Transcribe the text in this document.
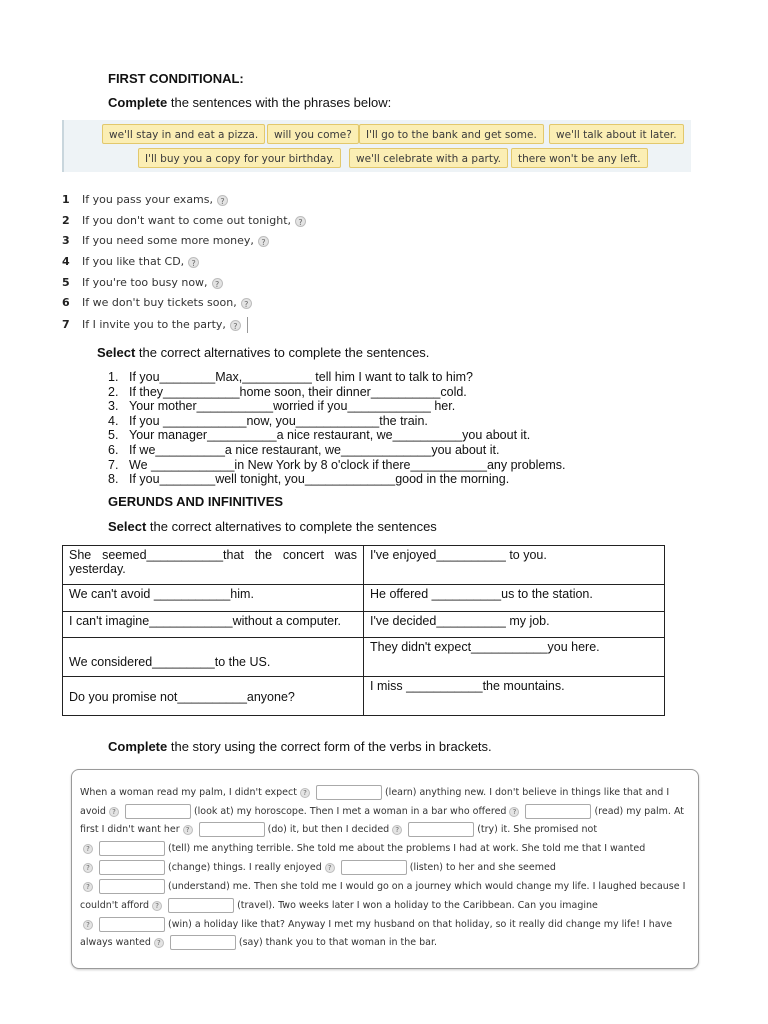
FIRST CONDITIONAL:
Complete the sentences with the phrases below:
we'll stay in and eat a pizza.	will you come?	I'll go to the bank and get some.	we'll talk about it later.
I'll buy you a copy for your birthday.	we'll celebrate with a party.	there won't be any left.
1 If you pass your exams, ?
2 If you don't want to come out tonight, ?
3 If you need some more money, ?
4 If you like that CD, ?
5 If you're too busy now, ?
6 If we don't buy tickets soon, ?
7 If I invite you to the party, ?
Select the correct alternatives to complete the sentences.
1. If you________Max,__________ tell him I want to talk to him?
2. If they___________home soon, their dinner__________cold.
3. Your mother___________worried if you____________ her.
4. If you ____________now, you____________the train.
5. Your manager__________a nice restaurant, we__________you about it.
6. If we__________a nice restaurant, we_____________you about it.
7. We ____________in New York by 8 o'clock if there___________any problems.
8. If you________well tonight, you_____________good in the morning.
GERUNDS AND INFINITIVES
Select the correct alternatives to complete the sentences
She seemed___________that the concert was yesterday.	I've enjoyed__________ to you.
We can't avoid ___________him.	He offered __________us to the station.
I can't imagine____________without a computer.	I've decided__________ my job.
We considered_________to the US.	They didn't expect___________you here.
Do you promise not__________anyone?	I miss ___________the mountains.
Complete the story using the correct form of the verbs in brackets.
When a woman read my palm, I didn't expect ?	(learn) anything new. I don't believe in things like that and I
avoid ?	(look at) my horoscope. Then I met a woman in a bar who offered ?	(read) my palm. At
first I didn't want her ?	(do) it, but then I decided ?	(try) it. She promised not
?	(tell) me anything terrible. She told me about the problems I had at work. She told me that I wanted
?	(change) things. I really enjoyed ?	(listen) to her and she seemed
?	(understand) me. Then she told me I would go on a journey which would change my life. I laughed because I
couldn't afford ?	(travel). Two weeks later I won a holiday to the Caribbean. Can you imagine
?	(win) a holiday like that? Anyway I met my husband on that holiday, so it really did change my life! I have
always wanted ?	(say) thank you to that woman in the bar.
